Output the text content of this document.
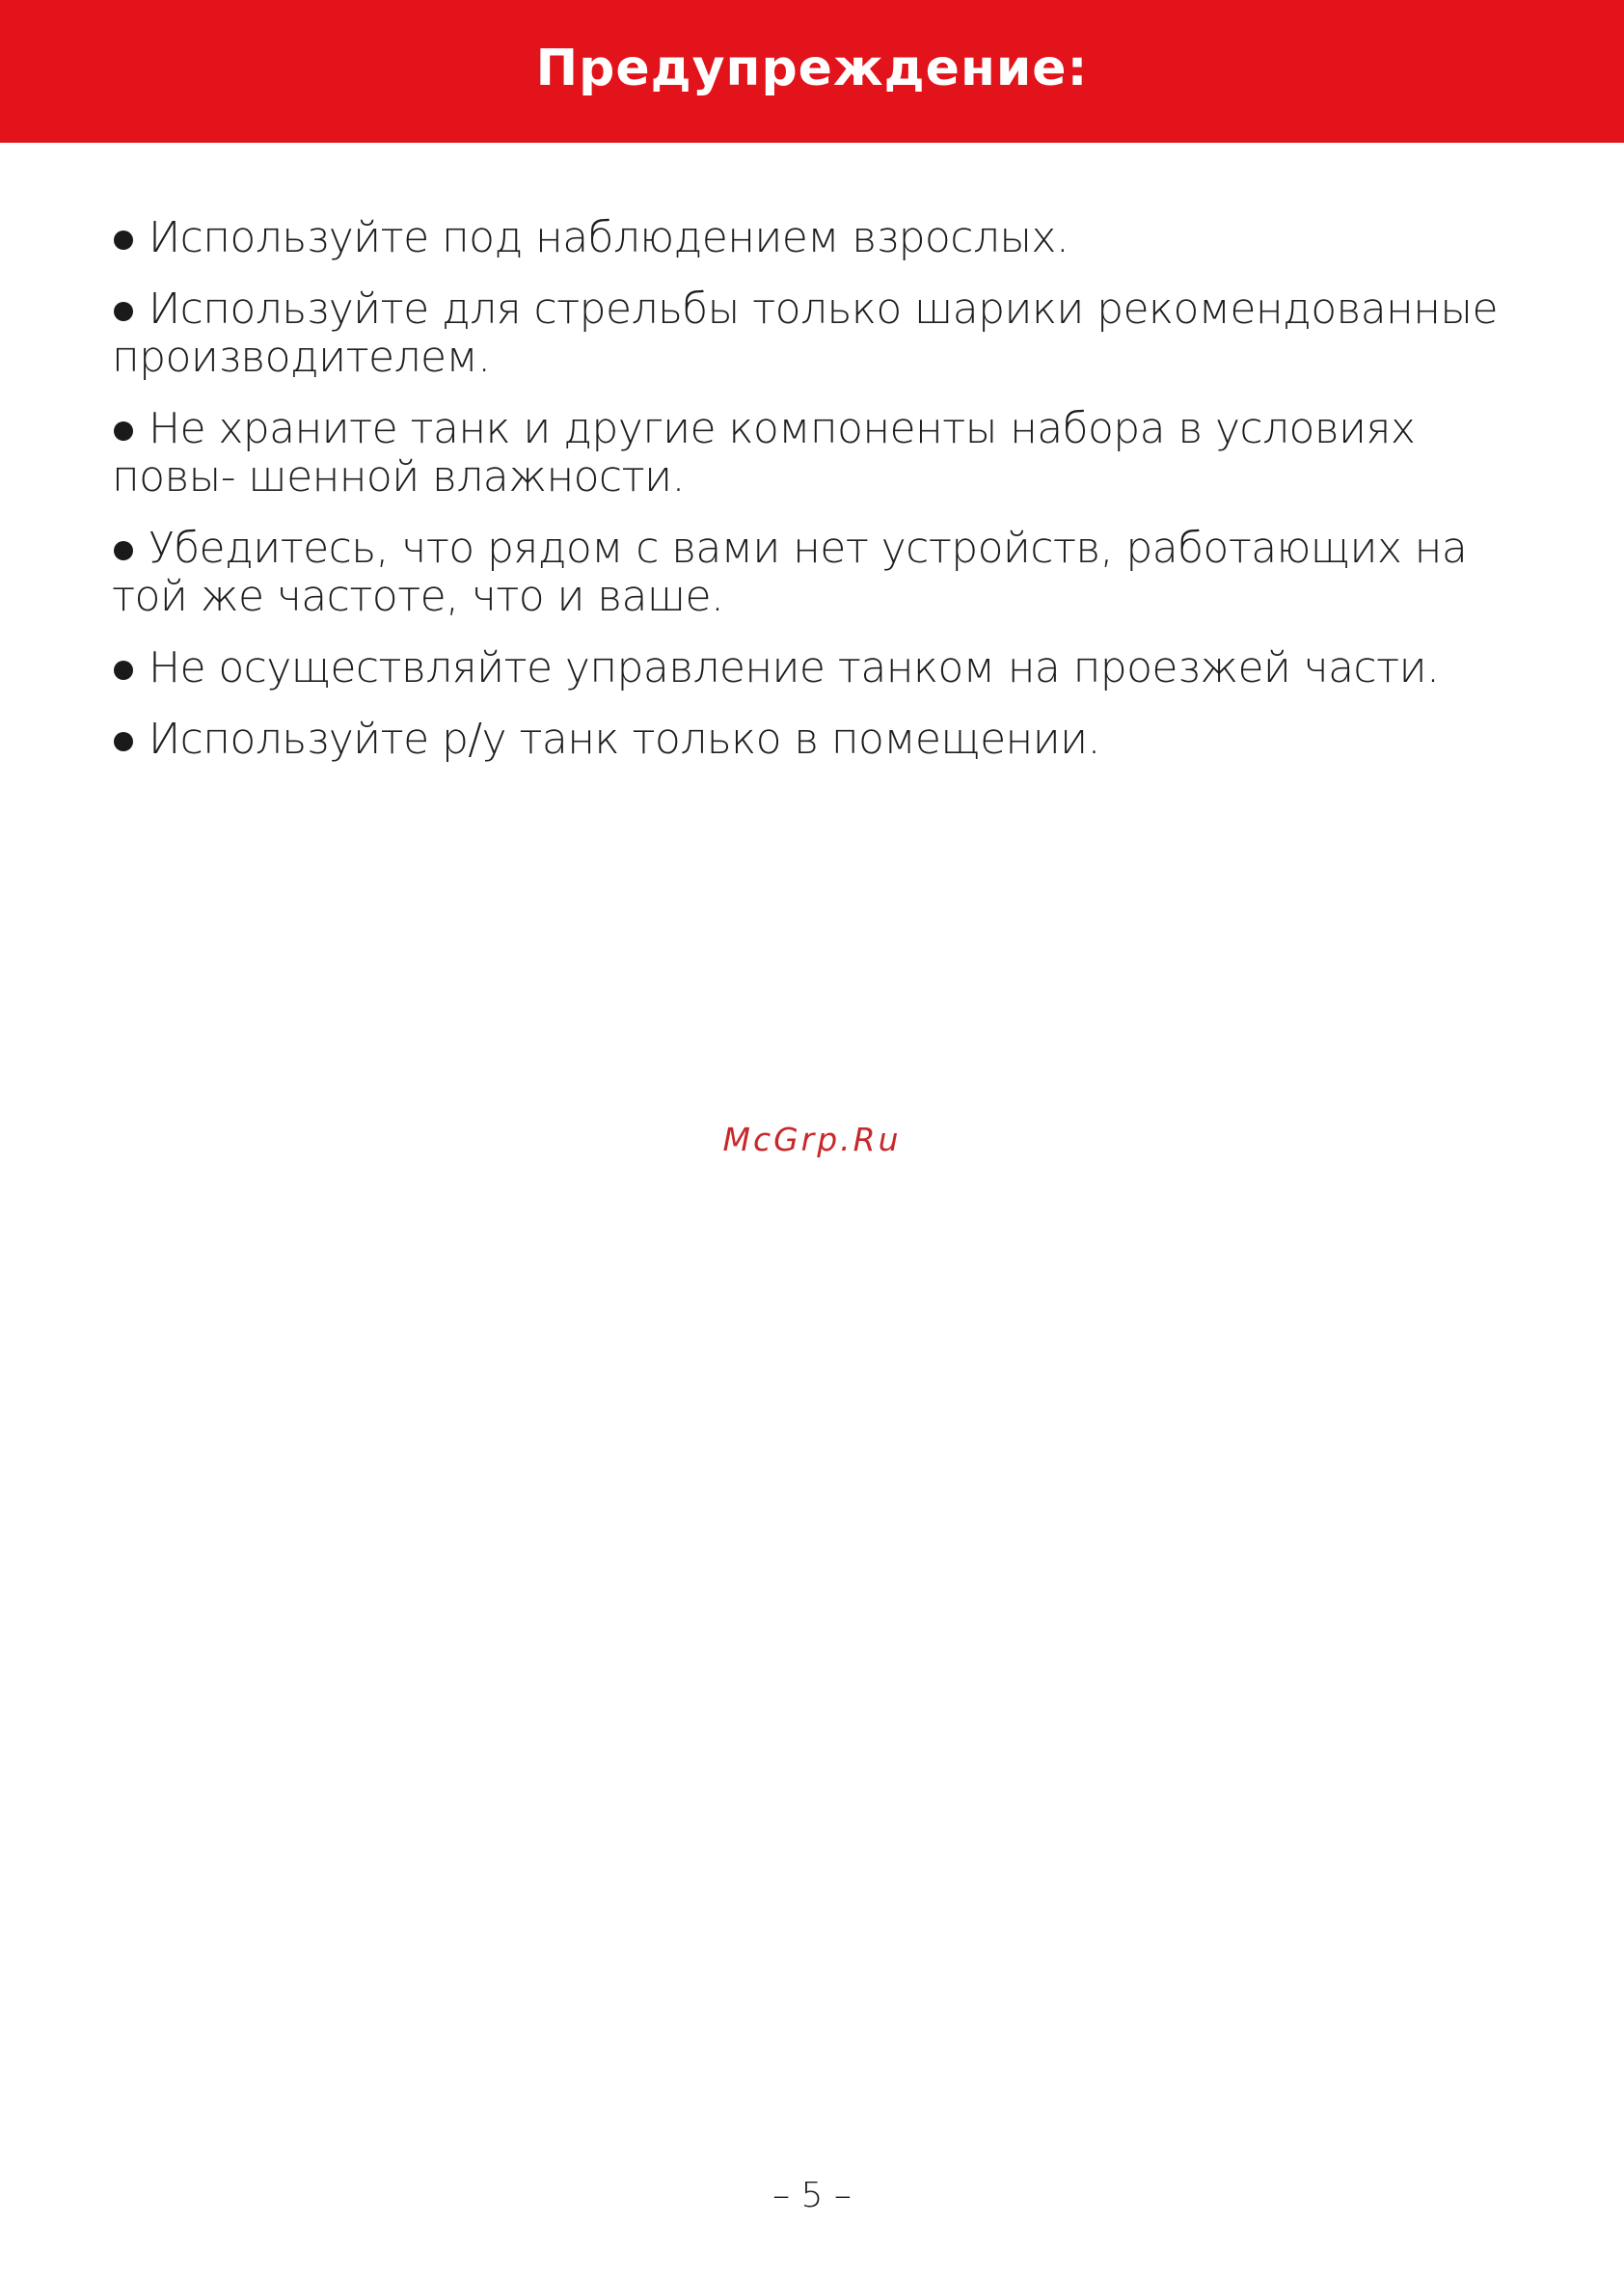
Предупреждение:
Используйте под наблюдением взрослых.
Используйте для стрельбы только шарики рекомендованные производителем.
Не храните танк и другие компоненты набора в условиях повы- шенной влажности.
Убедитесь, что рядом с вами нет устройств, работающих на той же частоте, что и ваше.
Не осуществляйте управление танком на проезжей части.
Используйте р/у танк только в помещении.
McGrp.Ru
– 5 –
